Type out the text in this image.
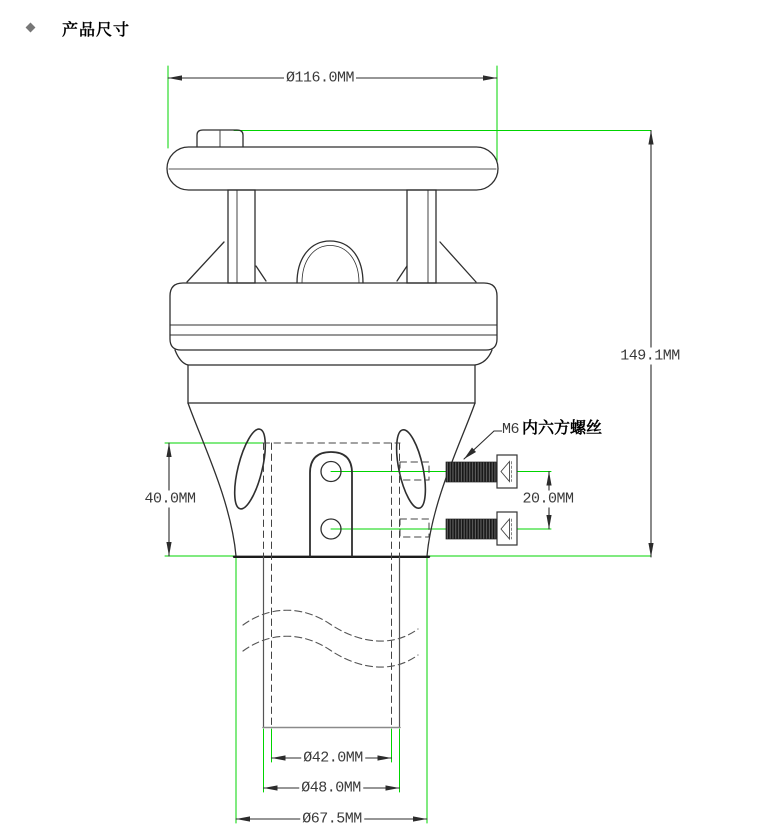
产品尺寸
Ø116.0MM
149.1MM
40.0MM	20.0MM
Ø42.0MM
Ø48.0MM
Ø67.5MM
M6 内六方螺丝
